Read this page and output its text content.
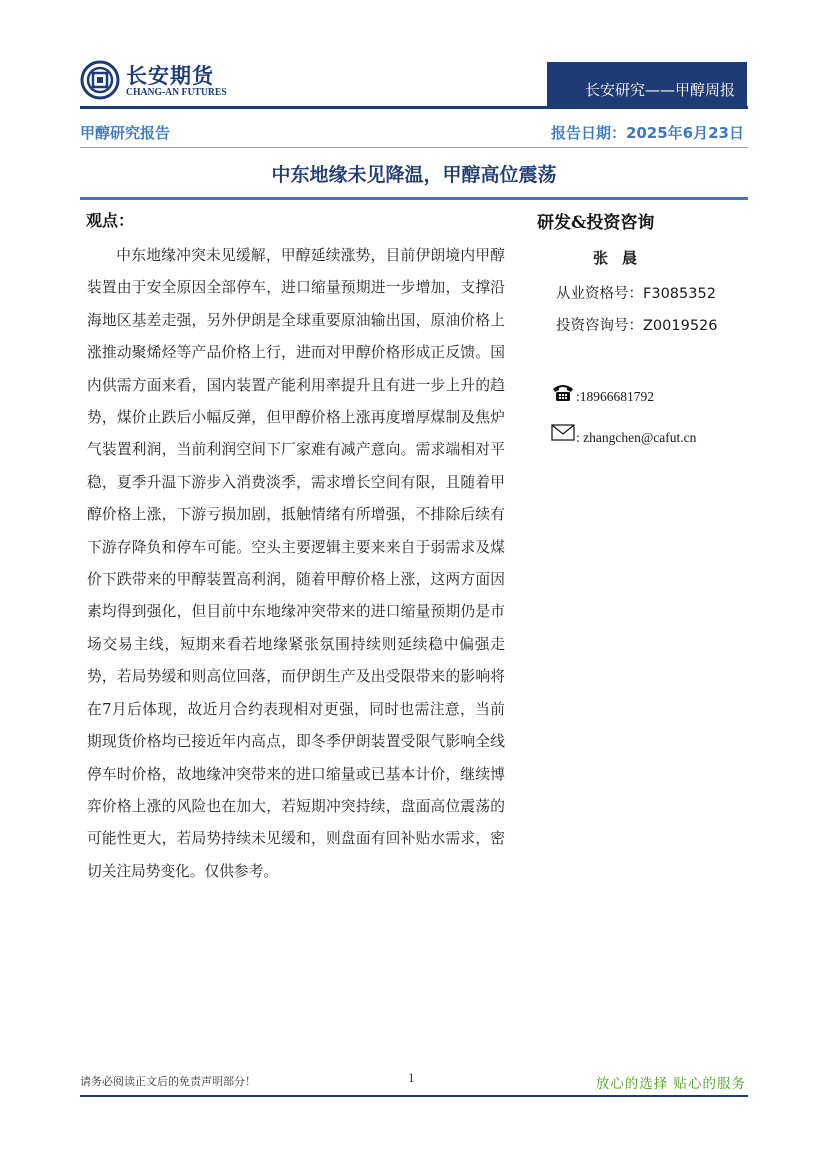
长安期货
CHANG-AN FUTURES	长安研究——甲醇周报
甲醇研究报告	报告日期：2025年6月23日
中东地缘未见降温，甲醇高位震荡
观点：
中东地缘冲突未见缓解，甲醇延续涨势，目前伊朗境内甲醇装置由于安全原因全部停车，进口缩量预期进一步增加，支撑沿海地区基差走强，另外伊朗是全球重要原油输出国，原油价格上涨推动聚烯烃等产品价格上行，进而对甲醇价格形成正反馈。国内供需方面来看，国内装置产能利用率提升且有进一步上升的趋势，煤价止跌后小幅反弹，但甲醇价格上涨再度增厚煤制及焦炉气装置利润，当前利润空间下厂家难有减产意向。需求端相对平稳，夏季升温下游步入消费淡季，需求增长空间有限，且随着甲醇价格上涨，下游亏损加剧，抵触情绪有所增强，不排除后续有下游存降负和停车可能。空头主要逻辑主要来来自于弱需求及煤价下跌带来的甲醇装置高利润，随着甲醇价格上涨，这两方面因素均得到强化，但目前中东地缘冲突带来的进口缩量预期仍是市场交易主线，短期来看若地缘紧张氛围持续则延续稳中偏强走势，若局势缓和则高位回落，而伊朗生产及出受限带来的影响将在7月后体现，故近月合约表现相对更强，同时也需注意，当前期现货价格均已接近年内高点，即冬季伊朗装置受限气影响全线停车时价格，故地缘冲突带来的进口缩量或已基本计价，继续博弈价格上涨的风险也在加大，若短期冲突持续，盘面高位震荡的可能性更大，若局势持续未见缓和，则盘面有回补贴水需求，密切关注局势变化。仅供参考。
研发&投资咨询
张晨
从业资格号：F3085352
投资咨询号：Z0019526
:18966681792
: zhangchen@cafut.cn
请务必阅读正文后的免责声明部分！	1	放心的选择 贴心的服务
